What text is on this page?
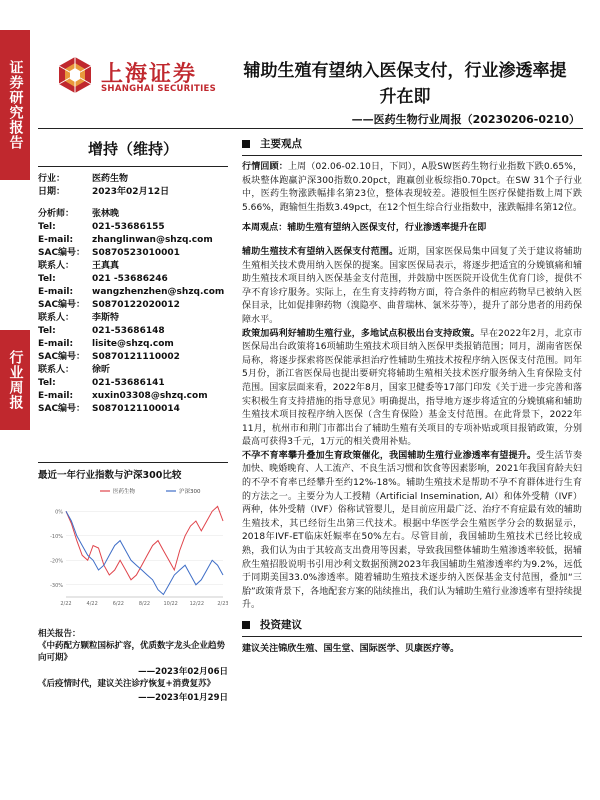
证券研究报告
行业周报
上海证券
SHANGHAI SECURITIES
辅助生殖有望纳入医保支付，行业渗透率提升在即
——医药生物行业周报（20230206-0210）
增持（维持）
行业：	医药生物
日期：	2023年02月12日
分析师：	张林晚
Tel:	021-53686155
E-mail:	zhanglinwan@shzq.com
SAC编号： S0870523010001
联系人：	王真真
Tel:	021 -53686246
E-mail:	wangzhenzhen@shzq.com
SAC编号： S0870122020012
联系人：	李斯特
Tel:	021-53686148
E-mail:	lisite@shzq.com
SAC编号： S0870121110002
联系人：	徐昕
Tel:	021-53686141
E-mail:	xuxin03308@shzq.com
SAC编号： S0870121100014
最近一年行业指数与沪深300比较
0%
-10%
-20%
-30%
2/22	4/22	6/22	8/22	10/22 12/22	2/23
医药生物	沪深300
相关报告：
《中药配方颗粒国标扩容，优质数字龙头企业趋势向可期》
——2023年02月06日
《后疫情时代，建议关注诊疗恢复+消费复苏》
——2023年01月29日
主要观点

行情回顾：上周（02.06-02.10日，下同），A股SW医药生物行业指数下跌0.65%，板块整体跑赢沪深300指数0.20pct，跑赢创业板综指0.70pct。在SW 31个子行业中，医药生物涨跌幅排名第23位，整体表现较差。港股恒生医疗保健指数上周下跌5.66%，跑输恒生指数3.49pct，在12个恒生综合行业指数中，涨跌幅排名第12位。

本周观点：辅助生殖有望纳入医保支付，行业渗透率提升在即

辅助生殖技术有望纳入医保支付范围。近期，国家医保局集中回复了关于建议将辅助生殖相关技术费用纳入医保的提案。国家医保局表示，将逐步把适宜的分娩镇痛和辅助生殖技术项目纳入医保基金支付范围，并鼓励中医医院开设优生优育门诊，提供不孕不育诊疗服务。实际上，在生育支持药物方面，符合条件的相应药物早已被纳入医保目录，比如促排卵药物（溴隐亭、曲普瑞林、氯米芬等），提升了部分患者的用药保障水平。

政策加码利好辅助生殖行业，多地试点积极出台支持政策。早在2022年2月，北京市医保局出台政策将16项辅助生殖技术项目纳入医保甲类报销范围；同月，湖南省医保局称，将逐步探索将医保能承担治疗性辅助生殖技术按程序纳入医保支付范围。同年5月份，浙江省医保局也提出要研究将辅助生殖相关技术医疗服务纳入生育保险支付范围。国家层面来看，2022年8月，国家卫健委等17部门印发《关于进一步完善和落实积极生育支持措施的指导意见》明确提出，指导地方逐步将适宜的分娩镇痛和辅助生殖技术项目按程序纳入医保（含生育保险）基金支付范围。在此背景下，2022年11月，杭州市和荆门市都出台了辅助生殖有关项目的专项补贴或项目报销政策，分别最高可获得3千元，1万元的相关费用补贴。

不孕不育率攀升叠加生育政策催化，我国辅助生殖行业渗透率有望提升。受生活节奏加快、晚婚晚育、人工流产、不良生活习惯和饮食等因素影响，2021年我国育龄夫妇的不孕不育率已经攀升至约12%-18%。辅助生殖技术是帮助不孕不育群体进行生育的方法之一。主要分为人工授精（Artificial Insemination, AI）和体外受精（IVF）两种，体外受精（IVF）俗称试管婴儿，是目前应用最广泛、治疗不育症最有效的辅助生殖技术，其已经衍生出第三代技术。根据中华医学会生殖医学分会的数据显示，2018年IVF-ET临床妊娠率在50%左右。尽管目前，我国辅助生殖技术已经比较成熟，我们认为由于其较高支出费用等因素，导致我国整体辅助生殖渗透率较低，据辅欣生殖招股说明书引用沙利文数据预测2023年我国辅助生殖渗透率约为9.2%，远低于同期美国33.0%渗透率。随着辅助生殖技术逐步纳入医保基金支付范围，叠加“三胎”政策背景下，各地配套方案的陆续推出，我们认为辅助生殖行业渗透率有望持续提升。

投资建议

建议关注锦欣生殖、国生堂、国际医学、贝康医疗等。
